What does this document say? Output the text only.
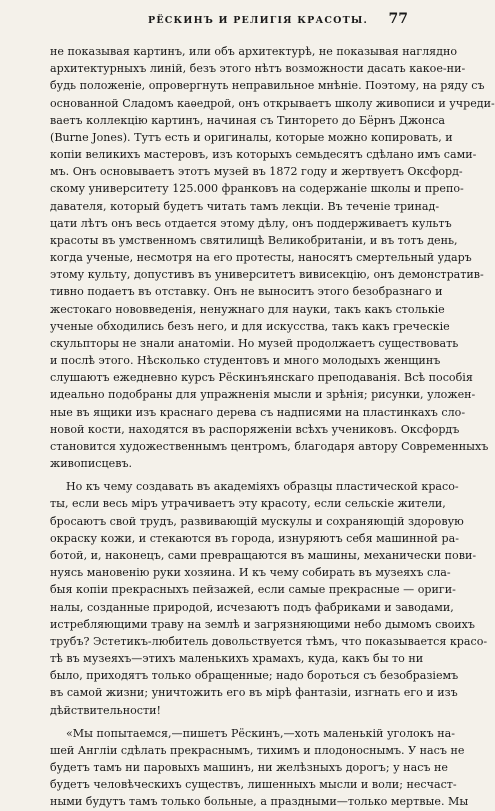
РЁСКИНЪ И РЕЛИГІЯ КРАСОТЫ. 77
не показывая картинъ, или объ архитектурѣ, не показывая наглядно
архитектурныхъ линій, безъ этого нѣтъ возможности дасать какое-ни-
будь положеніе, опровергнуть неправильное мнѣніе. Поэтому, на ряду съ
основанной Сладомъ каѳедрой, онъ открываетъ школу живописи и учреди-
ваетъ коллекцію картинъ, начиная съ Тинторето до Бёрнъ Джонса
(Burne Jones). Тутъ есть и оригиналы, которые можно копировать, и
копіи великихъ мастеровъ, изъ которыхъ семьдесятъ сдѣлано имъ сами-
мъ. Онъ основываетъ этотъ музей въ 1872 году и жертвуетъ Оксфорд-
скому университету 125.000 франковъ на содержаніе школы и препо-
давателя, который будетъ читать тамъ лекціи. Въ теченіе тринад-
цати лѣтъ онъ весь отдается этому дѣлу, онъ поддерживаетъ культъ
красоты въ умственномъ святилищѣ Великобританіи, и въ тотъ день,
когда ученые, несмотря на его протесты, наносятъ смертельный ударъ
этому культу, допустивъ въ университетъ вивисекцію, онъ демонстратив-
тивно подаетъ въ отставку. Онъ не выноситъ этого безобразнаго и
жестокаго нововведенія, ненужнаго для науки, такъ какъ столькіе
ученые обходились безъ него, и для искусства, такъ какъ греческіе
скульпторы не знали анатоміи. Но музей продолжаетъ существовать
и послѣ этого. Нѣсколько студентовъ и много молодыхъ женщинъ
слушаютъ ежедневно курсъ Рёскинъянскаго преподаванія. Всѣ пособія
идеально подобраны для упражненія мысли и зрѣнія; рисунки, уложен-
ные въ ящики изъ краснаго дерева съ надписями на пластинкахъ сло-
новой кости, находятся въ распоряженіи всѣхъ учениковъ. Оксфордъ
становится художественнымъ центромъ, благодаря автору Современныхъ
живописцевъ.
Но къ чему создавать въ академіяхъ образцы пластической красо-
ты, если весь міръ утрачиваетъ эту красоту, если сельскіе жители,
бросаютъ свой трудъ, развивающій мускулы и сохраняющій здоровую
окраску кожи, и стекаются въ города, изнуряютъ себя машинной ра-
ботой, и, наконецъ, сами превращаются въ машины, механически пови-
нуясь мановенію руки хозяина. И къ чему собирать въ музеяхъ сла-
быя копіи прекрасныхъ пейзажей, если самые прекрасные — ориги-
налы, созданные природой, исчезаютъ подъ фабриками и заводами,
истребляющими траву на землѣ и загрязняющими небо дымомъ своихъ
трубъ? Эстетикъ-любитель довольствуется тѣмъ, что показывается красо-
тѣ въ музеяхъ—этихъ маленькихъ храмахъ, куда, какъ бы то ни
было, приходятъ только обращенные; надо бороться съ безобразіемъ
въ самой жизни; уничтожить его въ мірѣ фантазіи, изгнать его и изъ
дѣйствительности!
«Мы попытаемся,—пишетъ Рёскинъ,—хоть маленькій уголокъ на-
шей Англіи сдѣлать прекраснымъ, тихимъ и плодоноснымъ. У насъ не
будетъ тамъ ни паровыхъ машинъ, ни желѣзныхъ дорогъ; у насъ не
будетъ человѣческихъ существъ, лишенныхъ мысли и воли; несчаст-
ными будутъ тамъ только больные, а праздными—только мертвые. Мы
